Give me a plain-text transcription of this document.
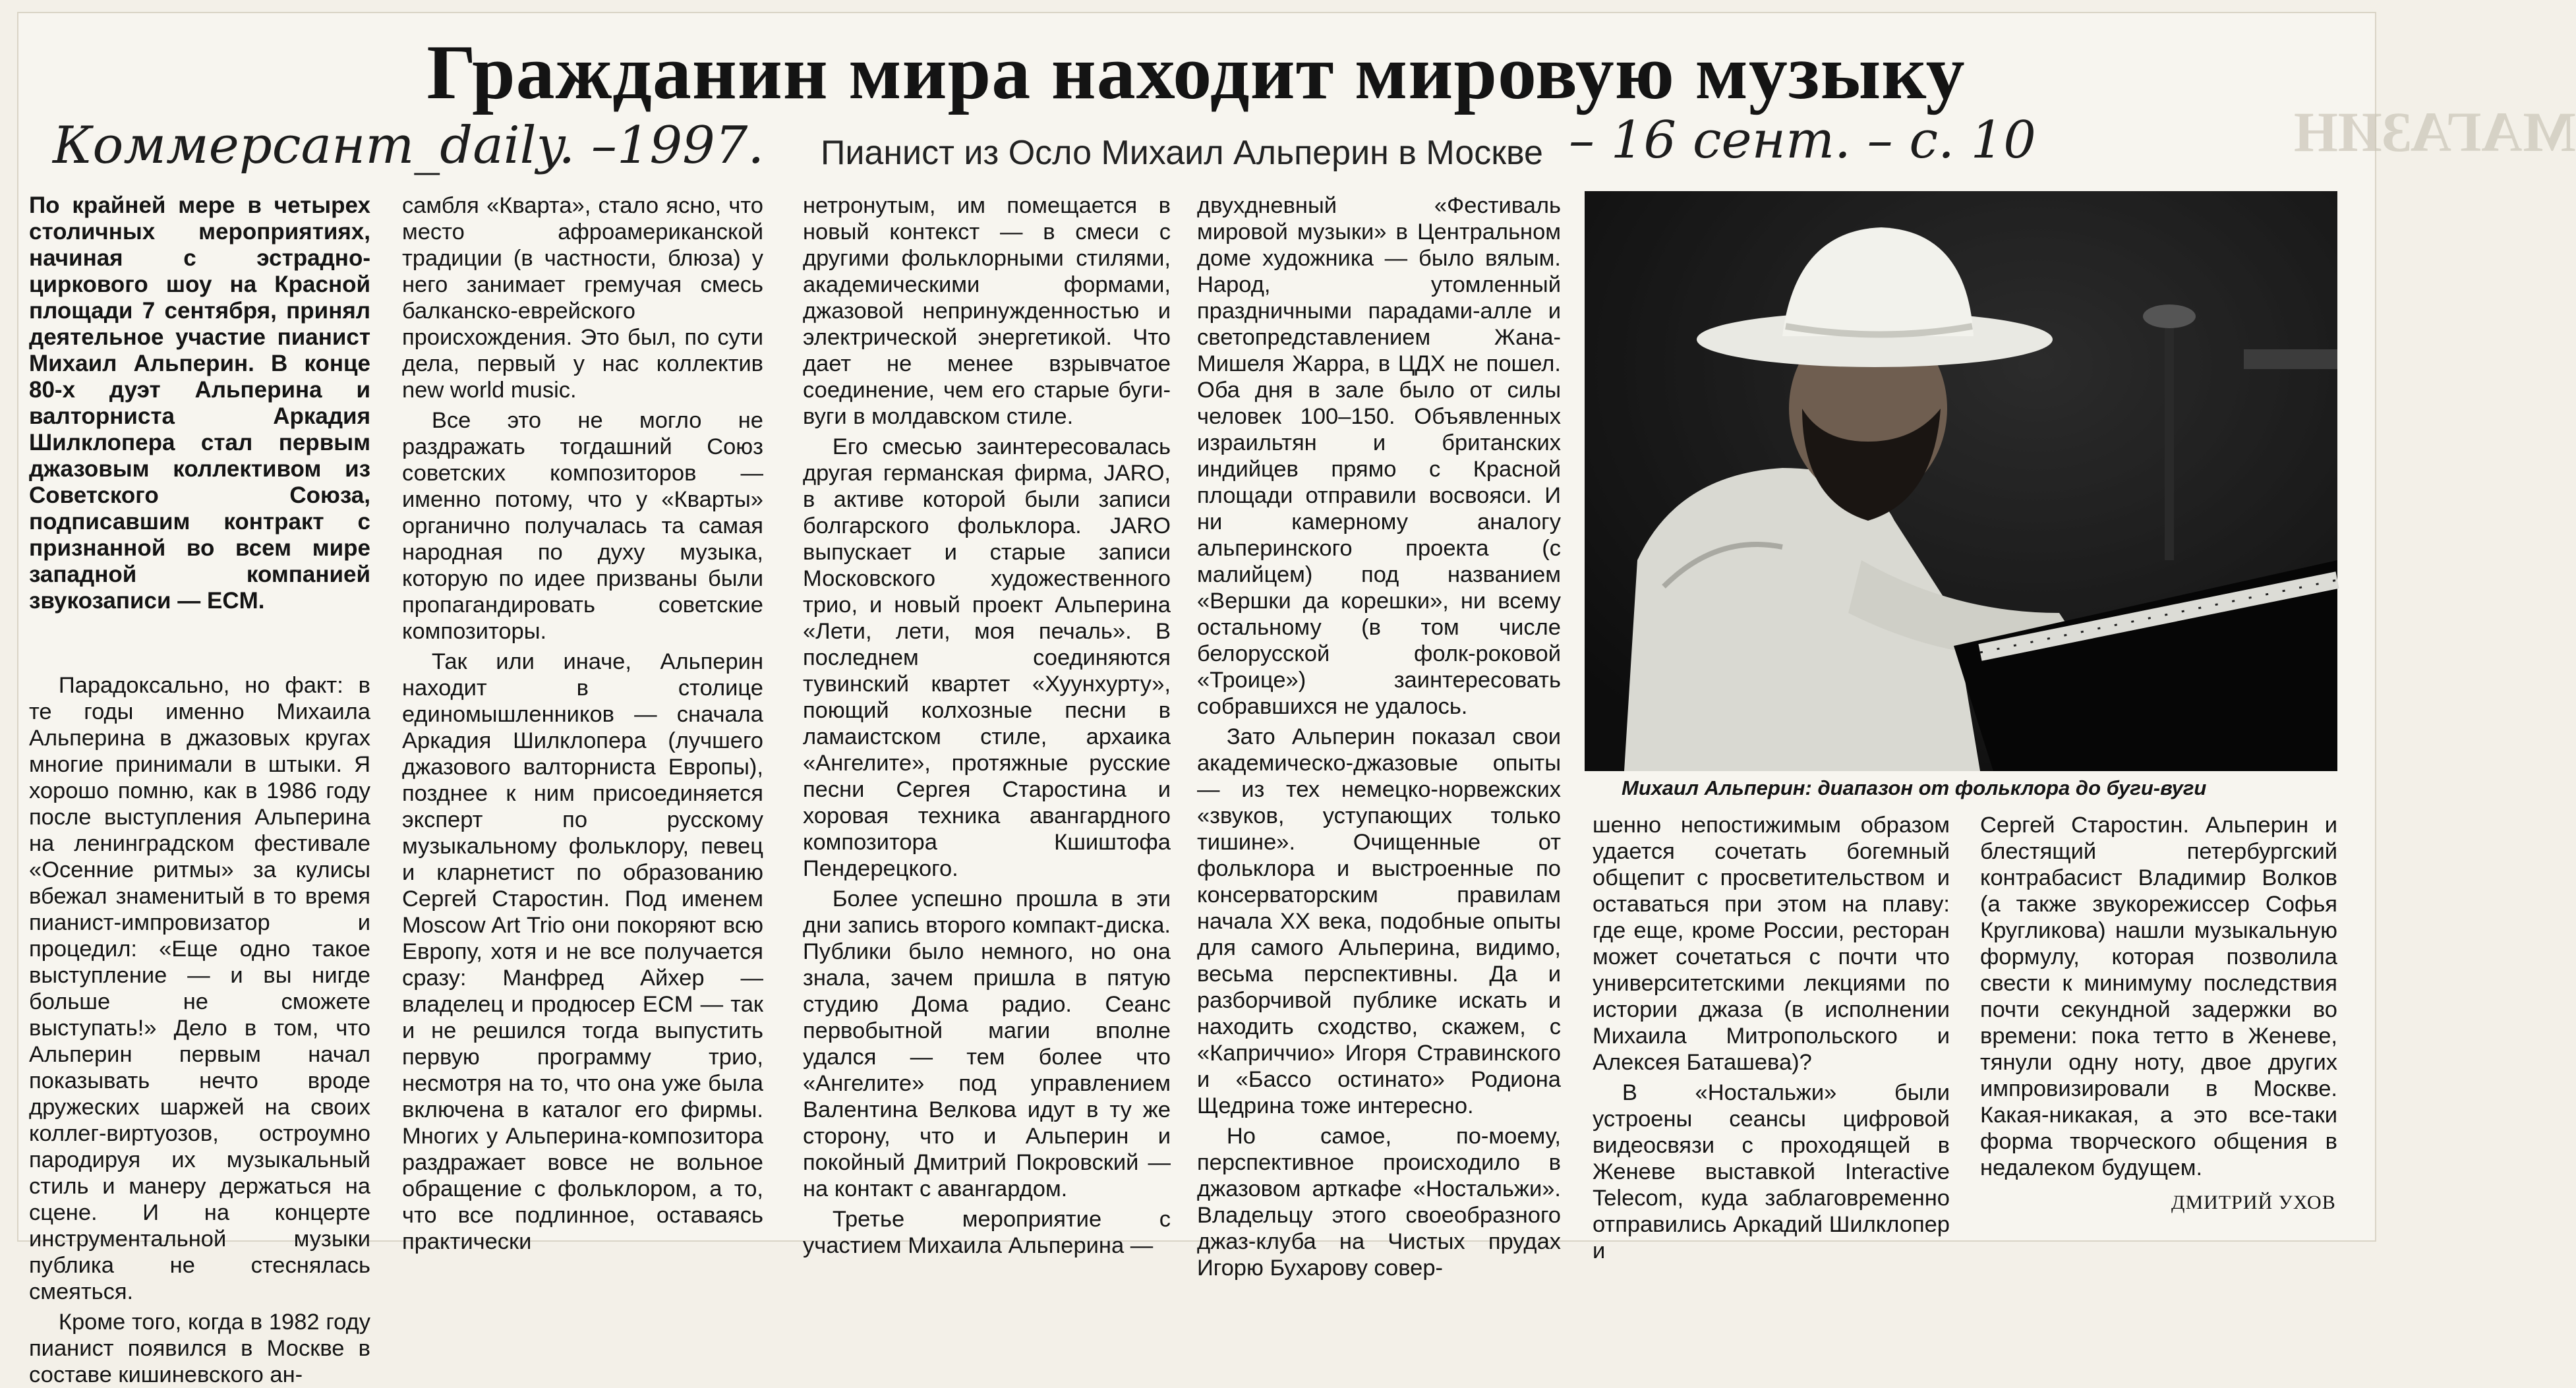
МАГАЗИН
Гражданин мира находит мировую музыку
Коммерсант_daily. –1997.	– 16 сент. – с. 10
Пианист из Осло Михаил Альперин в Москве

По крайней мере в четырех столичных мероприятиях, начиная с эстрадно-циркового шоу на Красной площади 7 сентября, принял деятельное участие пианист Михаил Альперин. В конце 80-х дуэт Альперина и валторниста Аркадия Шилклопера стал первым джазовым коллективом из Советского Союза, подписавшим контракт с признанной во всем мире западной компанией звукозаписи — ECM.

Парадоксально, но факт: в те годы именно Михаила Альперина в джазовых кругах многие принимали в штыки. Я хорошо помню, как в 1986 году после выступления Альперина на ленинградском фестивале «Осенние ритмы» за кулисы вбежал знаменитый в то время пианист-импровизатор и процедил: «Еще одно такое выступление — и вы нигде больше не сможете выступать!» Дело в том, что Альперин первым начал показывать нечто вроде дружеских шаржей на своих коллег-виртуозов, остроумно пародируя их музыкальный стиль и манеру держаться на сцене. И на концерте инструментальной музыки публика не стеснялась смеяться.

Кроме того, когда в 1982 году пианист появился в Москве в составе кишиневского ан-

самбля «Кварта», стало ясно, что место афроамериканской традиции (в частности, блюза) у него занимает гремучая смесь балканско-еврейского происхождения. Это был, по сути дела, первый у нас коллектив new world music.

Все это не могло не раздражать тогдашний Союз советских композиторов — именно потому, что у «Кварты» органично получалась та самая народная по духу музыка, которую по идее призваны были пропагандировать советские композиторы.

Так или иначе, Альперин находит в столице единомышленников — сначала Аркадия Шилклопера (лучшего джазового валторниста Европы), позднее к ним присоединяется эксперт по русскому музыкальному фольклору, певец и кларнетист по образованию Сергей Старостин. Под именем Moscow Art Trio они покоряют всю Европу, хотя и не все получается сразу: Манфред Айхер — владелец и продюсер ECM — так и не решился тогда выпустить первую программу трио, несмотря на то, что она уже была включена в каталог его фирмы. Многих у Альперина-композитора раздражает вовсе не вольное обращение с фольклором, а то, что все подлинное, оставаясь практически

нетронутым, им помещается в новый контекст — в смеси с другими фольклорными стилями, академическими формами, джазовой непринужденностью и электрической энергетикой. Что дает не менее взрывчатое соединение, чем его старые буги-вуги в молдавском стиле.

Его смесью заинтересовалась другая германская фирма, JARO, в активе которой были записи болгарского фольклора. JARO выпускает и старые записи Московского художественного трио, и новый проект Альперина «Лети, лети, моя печаль». В последнем соединяются тувинский квартет «Хуунхурту», поющий колхозные песни в ламаистском стиле, архаика «Ангелите», протяжные русские песни Сергея Старостина и хоровая техника авангардного композитора Кшиштофа Пендерецкого.

Более успешно прошла в эти дни запись второго компакт-диска. Публики было немного, но она знала, зачем пришла в пятую студию Дома радио. Сеанс первобытной магии вполне удался — тем более что «Ангелите» под управлением Валентина Велкова идут в ту же сторону, что и Альперин и покойный Дмитрий Покровский — на контакт с авангардом.

Третье мероприятие с участием Михаила Альперина —

двухдневный «Фестиваль мировой музыки» в Центральном доме художника — было вялым. Народ, утомленный праздничными парадами-алле и светопредставлением Жана-Мишеля Жарра, в ЦДХ не пошел. Оба дня в зале было от силы человек 100–150. Объявленных израильтян и британских индийцев прямо с Красной площади отправили восвояси. И ни камерному аналогу альперинского проекта (с малийцем) под названием «Вершки да корешки», ни всему остальному (в том числе белорусской фолк-роковой «Троице») заинтересовать собравшихся не удалось.

Зато Альперин показал свои академическо-джазовые опыты — из тех немецко-норвежских «звуков, уступающих только тишине». Очищенные от фольклора и выстроенные по консерваторским правилам начала XX века, подобные опыты для самого Альперина, видимо, весьма перспективны. Да и разборчивой публике искать и находить сходство, скажем, с «Каприччио» Игоря Стравинского и «Бассо остинато» Родиона Щедрина тоже интересно.

Но самое, по-моему, перспективное происходило в джазовом арткафе «Ностальжи». Владельцу этого своеобразного джаз-клуба на Чистых прудах Игорю Бухарову совер-

Михаил Альперин: диапазон от фольклора до буги-вуги

шенно непостижимым образом удается сочетать богемный общепит с просветительством и оставаться при этом на плаву: где еще, кроме России, ресторан может сочетаться с почти что университетскими лекциями по истории джаза (в исполнении Михаила Митропольского и Алексея Баташева)?

В «Ностальжи» были устроены сеансы цифровой видеосвязи с проходящей в Женеве выставкой Interactive Telecom, куда заблаговременно отправились Аркадий Шилклопер и

Сергей Старостин. Альперин и блестящий петербургский контрабасист Владимир Волков (а также звукорежиссер Софья Кругликова) нашли музыкальную формулу, которая позволила свести к минимуму последствия почти секундной задержки во времени: пока тетто в Женеве, тянули одну ноту, двое других импровизировали в Москве. Какая-никакая, а это все-таки форма творческого общения в недалеком будущем.

ДМИТРИЙ УХОВ
